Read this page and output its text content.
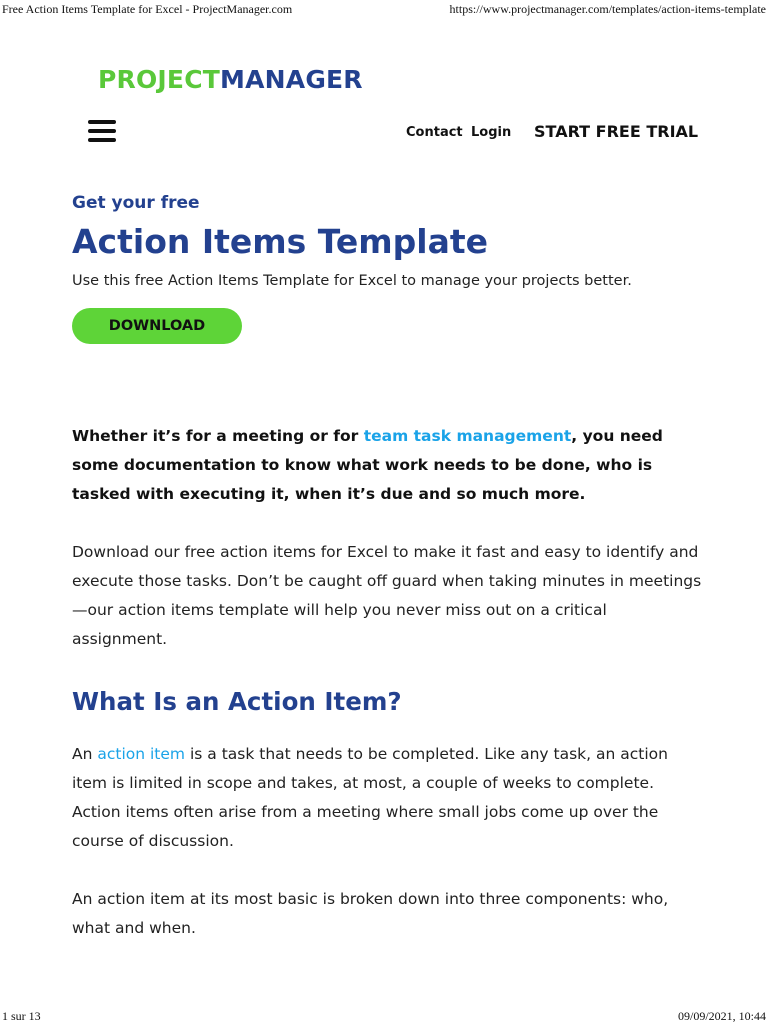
Free Action Items Template for Excel - ProjectManager.com	https://www.projectmanager.com/templates/action-items-template
PROJECTMANAGER
Contact Login START FREE TRIAL
Get your free
Action Items Template
Use this free Action Items Template for Excel to manage your projects better.
DOWNLOAD

Whether it’s for a meeting or for team task management, you need some documentation to know what work needs to be done, who is tasked with executing it, when it’s due and so much more.

Download our free action items for Excel to make it fast and easy to identify and execute those tasks. Don’t be caught off guard when taking minutes in meetings—our action items template will help you never miss out on a critical assignment.

What Is an Action Item?

An action item is a task that needs to be completed. Like any task, an action item is limited in scope and takes, at most, a couple of weeks to complete. Action items often arise from a meeting where small jobs come up over the course of discussion.

An action item at its most basic is broken down into three components: who, what and when.

1 sur 13	09/09/2021, 10:44
